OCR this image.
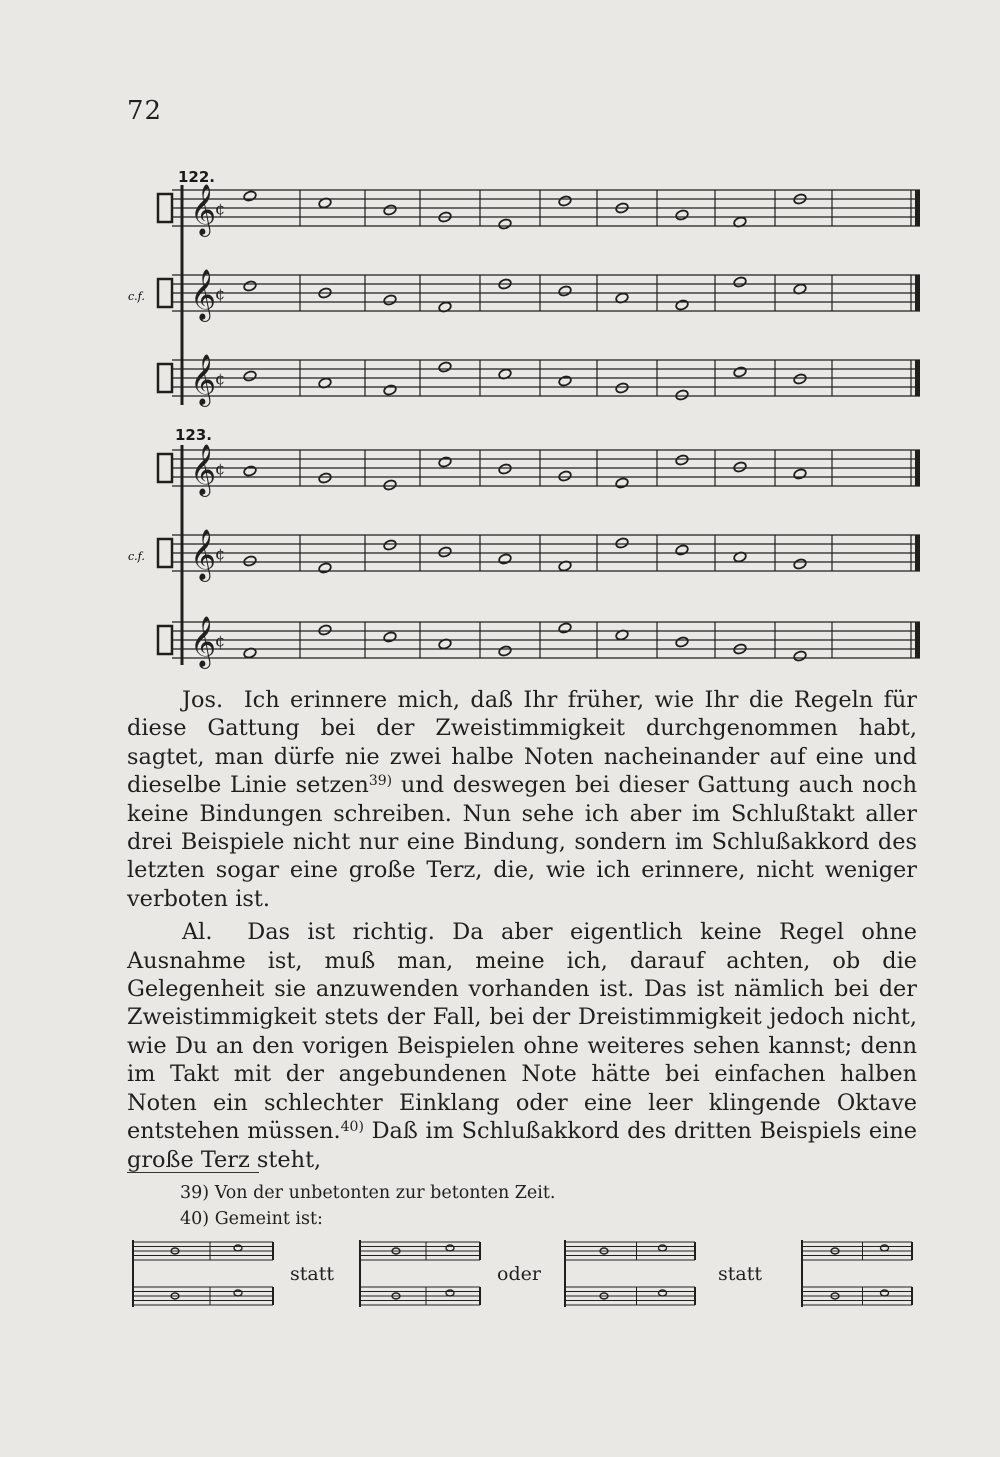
72
𝄞
¢
𝄞
¢
𝄞
¢
𝄞
¢
𝄞
¢
𝄞
¢
122.
123.
c.f.
c.f.

Jos. Ich erinnere mich, daß Ihr früher, wie Ihr die Regeln für diese Gattung bei der Zweistimmigkeit durchgenommen habt, sagtet, man dürfe nie zwei halbe Noten nacheinander auf eine und dieselbe Linie setzen$^{39)}$ und deswegen bei dieser Gattung auch noch keine Bindungen schreiben. Nun sehe ich aber im Schlußtakt aller drei Beispiele nicht nur eine Bindung, sondern im Schlußakkord des letzten sogar eine große Terz, die, wie ich erinnere, nicht weniger verboten ist.

Al. Das ist richtig. Da aber eigentlich keine Regel ohne Ausnahme ist, muß man, meine ich, darauf achten, ob die Gelegenheit sie anzuwenden vorhanden ist. Das ist nämlich bei der Zweistimmigkeit stets der Fall, bei der Dreistimmigkeit jedoch nicht, wie Du an den vorigen Beispielen ohne weiteres sehen kannst; denn im Takt mit der angebundenen Note hätte bei einfachen halben Noten ein schlechter Einklang oder eine leer klingende Oktave entstehen müssen.$^{40)}$ Daß im Schlußakkord des dritten Beispiels eine große Terz steht,

39) Von der unbetonten zur betonten Zeit.
40) Gemeint ist:
statt	oder	statt
